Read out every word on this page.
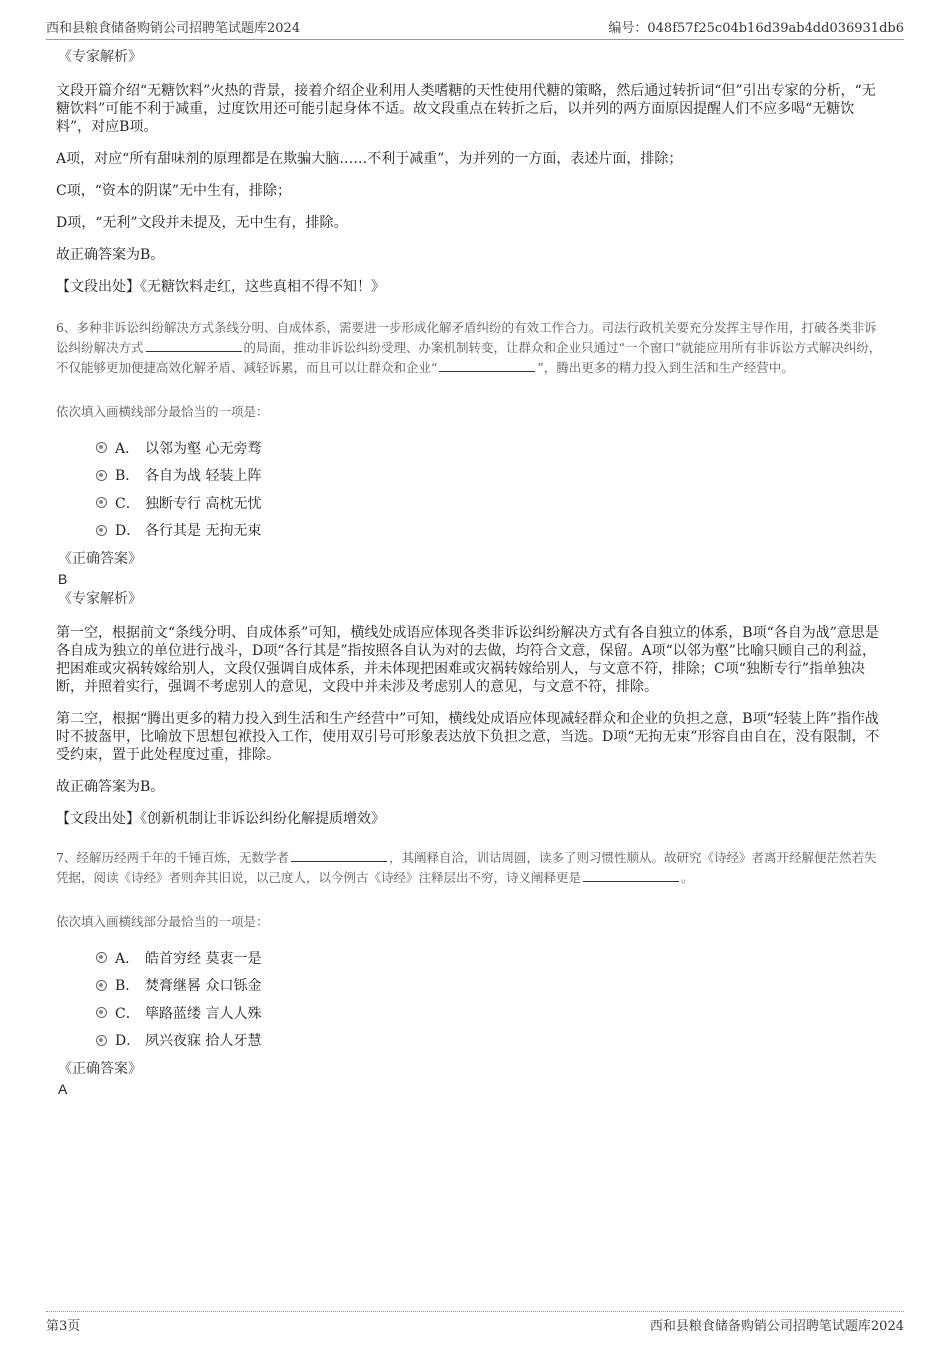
西和县粮食储备购销公司招聘笔试题库2024	编号：048f57f25c04b16d39ab4dd036931db6
《专家解析》

文段开篇介绍“无糖饮料”火热的背景，接着介绍企业利用人类嗜糖的天性使用代糖的策略，然后通过转折词“但”引出专家的分析，“无糖饮料”可能不利于减重，过度饮用还可能引起身体不适。故文段重点在转折之后，以并列的两方面原因提醒人们不应多喝“无糖饮料”，对应B项。

A项，对应“所有甜味剂的原理都是在欺骗大脑……不利于减重”，为并列的一方面，表述片面，排除；

C项，“资本的阴谋”无中生有，排除；

D项，“无利”文段并未提及，无中生有，排除。

故正确答案为B。

【文段出处】《无糖饮料走红，这些真相不得不知！》

6、多种非诉讼纠纷解决方式条线分明、自成体系，需要进一步形成化解矛盾纠纷的有效工作合力。司法行政机关要充分发挥主导作用，打破各类非诉讼纠纷解决方式	的局面，推动非诉讼纠纷受理、办案机制转变，让群众和企业只通过“一个窗口”就能应用所有非诉讼方式解决纠纷，不仅能够更加便捷高效化解矛盾、减轻诉累，而且可以让群众和企业“	”，腾出更多的精力投入到生活和生产经营中。

依次填入画横线部分最恰当的一项是：

A． 以邻为壑 心无旁骛
B． 各自为战 轻装上阵
C． 独断专行 高枕无忧
D． 各行其是 无拘无束
《正确答案》
B
《专家解析》

第一空，根据前文“条线分明、自成体系”可知，横线处成语应体现各类非诉讼纠纷解决方式有各自独立的体系，B项“各自为战”意思是各自成为独立的单位进行战斗，D项“各行其是”指按照各自认为对的去做，均符合文意，保留。A项“以邻为壑”比喻只顾自己的利益，把困难或灾祸转嫁给别人，文段仅强调自成体系，并未体现把困难或灾祸转嫁给别人，与文意不符，排除；C项“独断专行”指单独决断，并照着实行，强调不考虑别人的意见，文段中并未涉及考虑别人的意见，与文意不符，排除。

第二空，根据“腾出更多的精力投入到生活和生产经营中”可知，横线处成语应体现减轻群众和企业的负担之意，B项“轻装上阵”指作战时不披盔甲，比喻放下思想包袱投入工作，使用双引号可形象表达放下负担之意，当选。D项“无拘无束”形容自由自在，没有限制，不受约束，置于此处程度过重，排除。

故正确答案为B。

【文段出处】《创新机制让非诉讼纠纷化解提质增效》

7、经解历经两千年的千锤百炼，无数学者	，其阐释自洽，训诂周圆，读多了则习惯性顺从。故研究《诗经》者离开经解便茫然若失凭据，阅读《诗经》者则奔其旧说，以己度人，以今例古《诗经》注释层出不穷，诗义阐释更是	。

依次填入画横线部分最恰当的一项是：

A． 皓首穷经 莫衷一是
B． 焚膏继晷 众口铄金
C． 筚路蓝缕 言人人殊
D． 夙兴夜寐 拾人牙慧
《正确答案》
A
第3页	西和县粮食储备购销公司招聘笔试题库2024
